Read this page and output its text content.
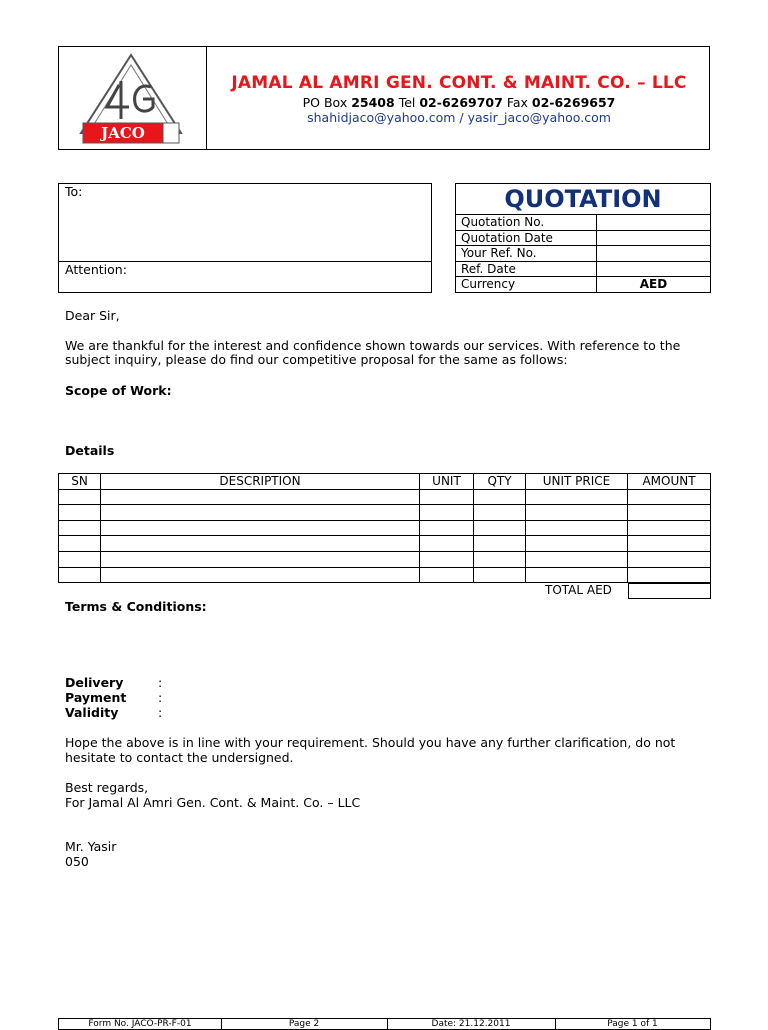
JACO
JAMAL AL AMRI GEN. CONT. & MAINT. CO. – LLC
PO Box 25408 Tel 02-6269707 Fax 02-6269657
shahidjaco@yahoo.com / yasir_jaco@yahoo.com
To:
Attention:
QUOTATION
Quotation No.
Quotation Date
Your Ref. No.
Ref. Date
Currency	AED
Dear Sir,
We are thankful for the interest and confidence shown towards our services. With reference to the
subject inquiry, please do find our competitive proposal for the same as follows:
Scope of Work:
Details
SN	DESCRIPTION	UNIT	QTY	UNIT PRICE	AMOUNT

TOTAL AED
Terms & Conditions:
Delivery	:
Payment	:
Validity	:
Hope the above is in line with your requirement. Should you have any further clarification, do not
hesitate to contact the undersigned.
Best regards,
For Jamal Al Amri Gen. Cont. & Maint. Co. – LLC
Mr. Yasir
050
Form No. JACO-PR-F-01	Page 2	Date: 21.12.2011	Page 1 of 1
